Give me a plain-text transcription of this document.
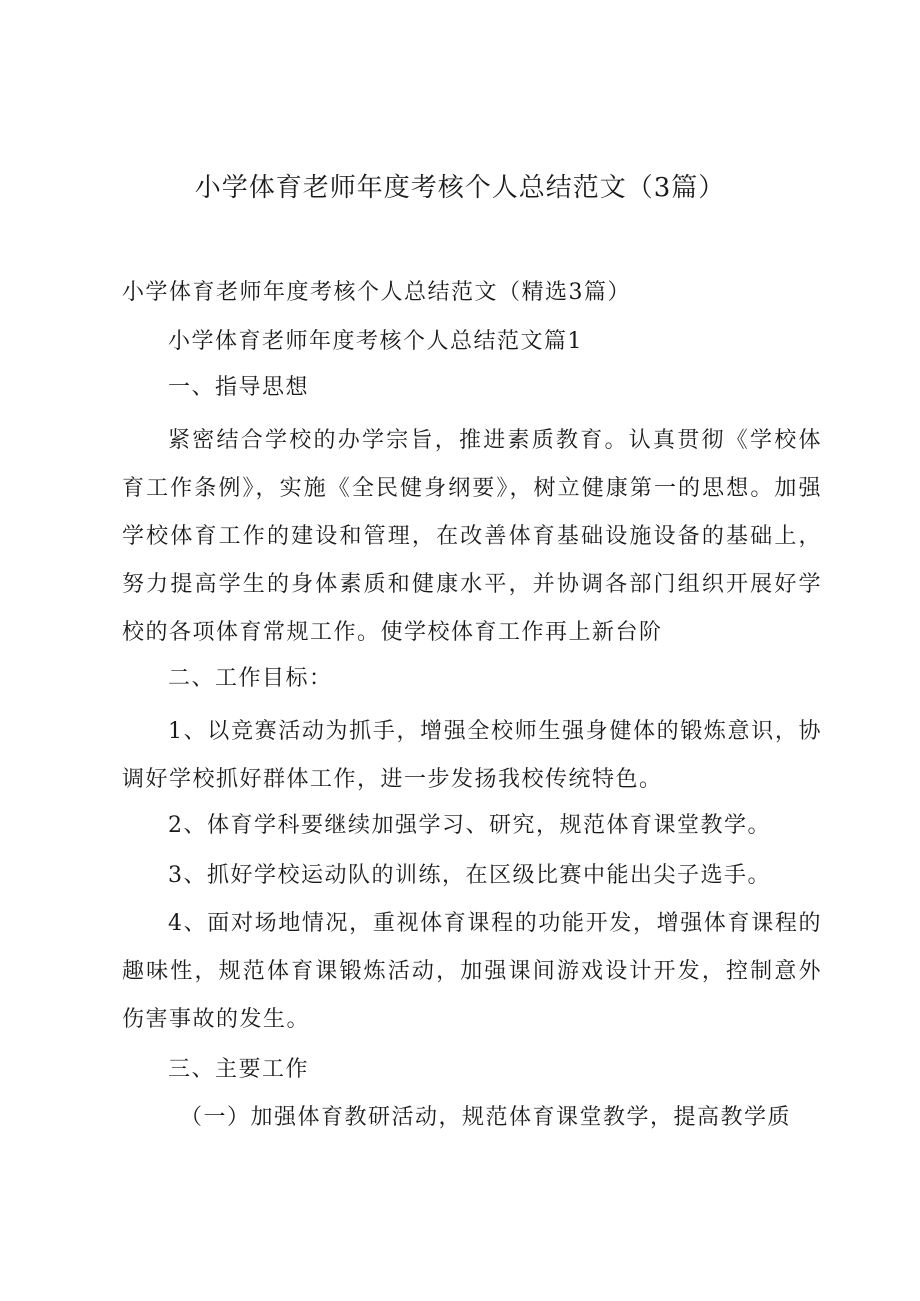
小学体育老师年度考核个人总结范文（3篇）

小学体育老师年度考核个人总结范文（精选3篇）

小学体育老师年度考核个人总结范文篇1

一、指导思想

紧密结合学校的办学宗旨，推进素质教育。认真贯彻《学校体育工作条例》，实施《全民健身纲要》，树立健康第一的思想。加强学校体育工作的建设和管理，在改善体育基础设施设备的基础上，努力提高学生的身体素质和健康水平，并协调各部门组织开展好学校的各项体育常规工作。使学校体育工作再上新台阶

二、工作目标：

1、以竞赛活动为抓手，增强全校师生强身健体的锻炼意识，协调好学校抓好群体工作，进一步发扬我校传统特色。

2、体育学科要继续加强学习、研究，规范体育课堂教学。

3、抓好学校运动队的训练，在区级比赛中能出尖子选手。

4、面对场地情况，重视体育课程的功能开发，增强体育课程的趣味性，规范体育课锻炼活动，加强课间游戏设计开发，控制意外伤害事故的发生。

三、主要工作

（一）加强体育教研活动，规范体育课堂教学，提高教学质
